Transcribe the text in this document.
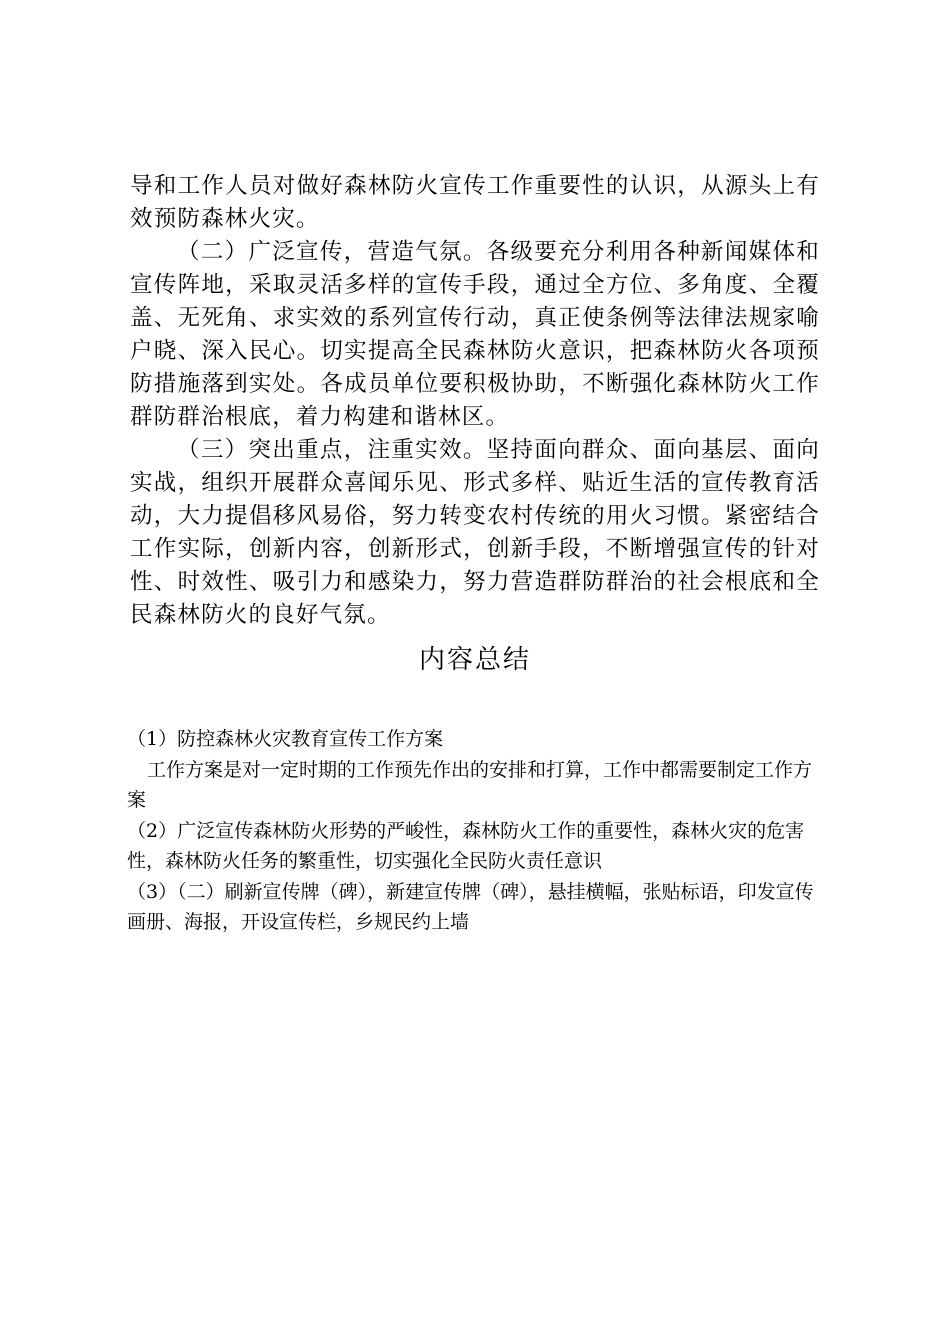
导和工作人员对做好森林防火宣传工作重要性的认识，从源头上有效预防森林火灾。

（二）广泛宣传，营造气氛。各级要充分利用各种新闻媒体和宣传阵地，采取灵活多样的宣传手段，通过全方位、多角度、全覆盖、无死角、求实效的系列宣传行动，真正使条例等法律法规家喻户晓、深入民心。切实提高全民森林防火意识，把森林防火各项预防措施落到实处。各成员单位要积极协助，不断强化森林防火工作群防群治根底，着力构建和谐林区。

（三）突出重点，注重实效。坚持面向群众、面向基层、面向实战，组织开展群众喜闻乐见、形式多样、贴近生活的宣传教育活动，大力提倡移风易俗，努力转变农村传统的用火习惯。紧密结合工作实际，创新内容，创新形式，创新手段，不断增强宣传的针对性、时效性、吸引力和感染力，努力营造群防群治的社会根底和全民森林防火的良好气氛。

内容总结

（1）防控森林火灾教育宣传工作方案

工作方案是对一定时期的工作预先作出的安排和打算，工作中都需要制定工作方案

（2）广泛宣传森林防火形势的严峻性，森林防火工作的重要性，森林火灾的危害性，森林防火任务的繁重性，切实强化全民防火责任意识

（3）（二）刷新宣传牌（碑），新建宣传牌（碑），悬挂横幅，张贴标语，印发宣传画册、海报，开设宣传栏，乡规民约上墙
